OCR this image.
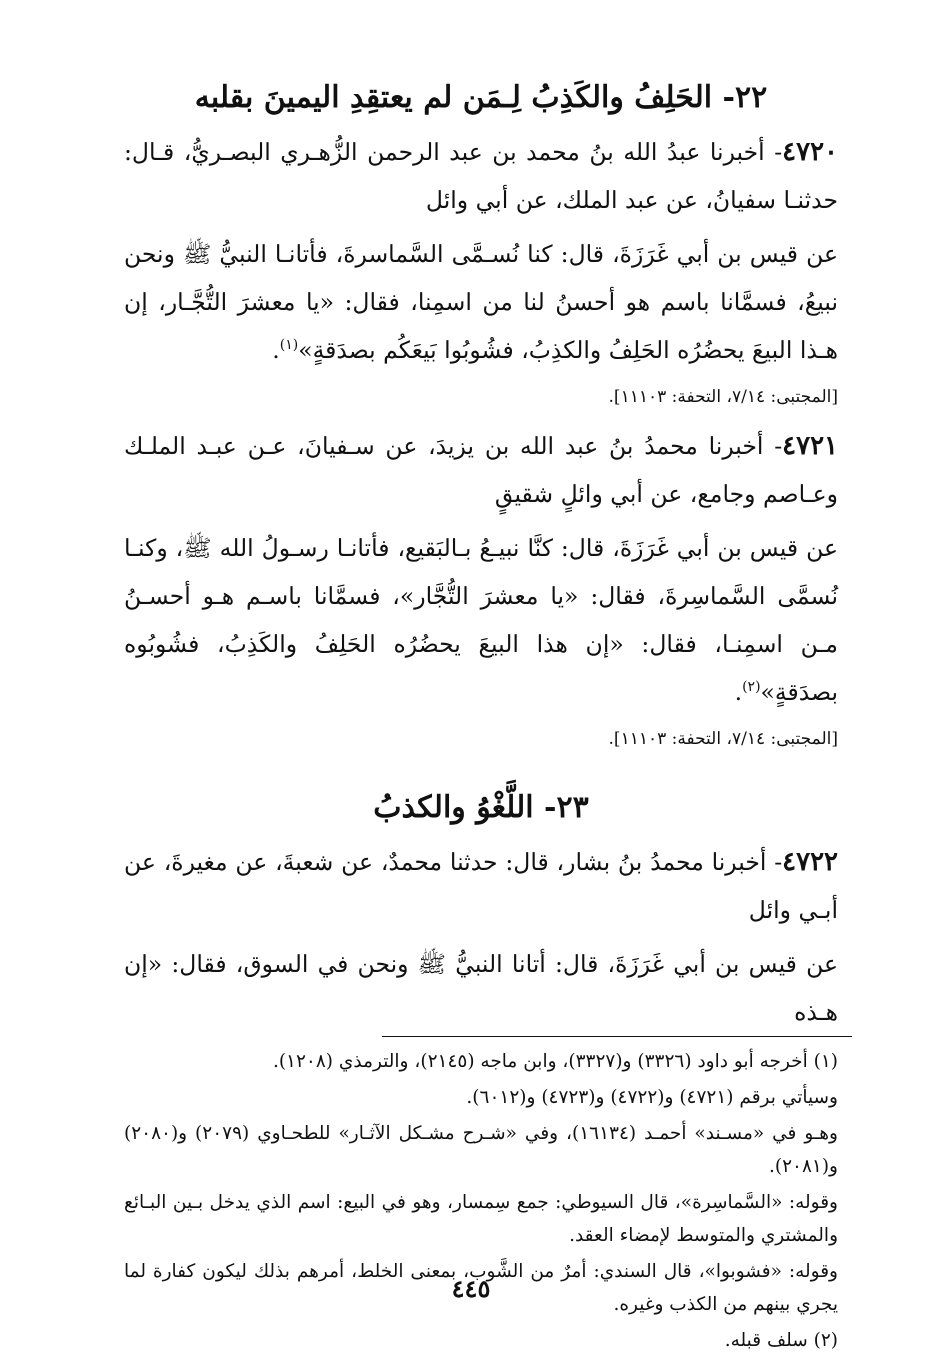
٢٢- الحَلِفُ والكَذِبُ لِـمَن لم يعتقِدِ اليمينَ بقلبه

٤٧٢٠- أخبرنا عبدُ الله بنُ محمد بن عبد الرحمن الزُّهـري البصـريُّ، قـال: حدثنـا سفيانُ، عن عبد الملك، عن أبي وائل

عن قيس بن أبي غَرَزَةَ، قال: كنا نُسـمَّى السَّماسرةَ، فأتانـا النبيُّ ﷺ ونحن نبيعُ، فسمَّانا باسم هو أحسنُ لنا من اسمِنا، فقال: «يا معشرَ التُّجَّـار، إن هـذا البيعَ يحضُرُه الحَلِفُ والكذِبُ، فشُوبُوا بَيعَكُم بصدَقةٍ»$^{(١)}$.

[المجتبى: ٧/١٤، التحفة: ١١١٠٣].

٤٧٢١- أخبرنا محمدُ بنُ عبد الله بن يزيدَ، عن سـفيانَ، عـن عبـد الملـك وعـاصم وجامع، عن أبي وائلٍ شقيقٍ

عن قيس بن أبي غَرَزَةَ، قال: كنَّا نبيـعُ بـالبَقيع، فأتانـا رسـولُ الله ﷺ، وكنـا نُسمَّى السَّماسِرةَ، فقال: «يا معشرَ التُّجَّار»، فسمَّانا باسـم هـو أحسـنُ مـن اسمِنـا، فقال: «إن هذا البيعَ يحضُرُه الحَلِفُ والكَذِبُ، فشُوبُوه بصدَقةٍ»$^{(٢)}$.

[المجتبى: ٧/١٤، التحفة: ١١١٠٣].

٢٣- اللَّغْوُ والكذبُ

٤٧٢٢- أخبرنا محمدُ بنُ بشار، قال: حدثنا محمدٌ، عن شعبةَ، عن مغيرةَ، عن أبـي وائل

عن قيس بن أبي غَرَزَةَ، قال: أتانا النبيُّ ﷺ ونحن في السوق، فقال: «إن هـذه

(١) أخرجه أبو داود (٣٣٢٦) و(٣٣٢٧)، وابن ماجه (٢١٤٥)، والترمذي (١٢٠٨).

وسيأتي برقم (٤٧٢١) و(٤٧٢٢) و(٤٧٢٣) و(٦٠١٢).

وهـو في «مسـند» أحمـد (١٦١٣٤)، وفي «شـرح مشـكل الآثـار» للطحـاوي (٢٠٧٩) و(٢٠٨٠) و(٢٠٨١).

وقوله: «السَّماسِرة»، قال السيوطي: جمع سِمسار، وهو في البيع: اسم الذي يدخل بـين البـائع والمشتري والمتوسط لإمضاء العقد.

وقوله: «فشوبوا»، قال السندي: أمرٌ من الشَّوب، بمعنى الخلط، أمرهم بذلك ليكون كفارة لما يجري بينهم من الكذب وغيره.

(٢) سلف قبله.

٤٤٥
